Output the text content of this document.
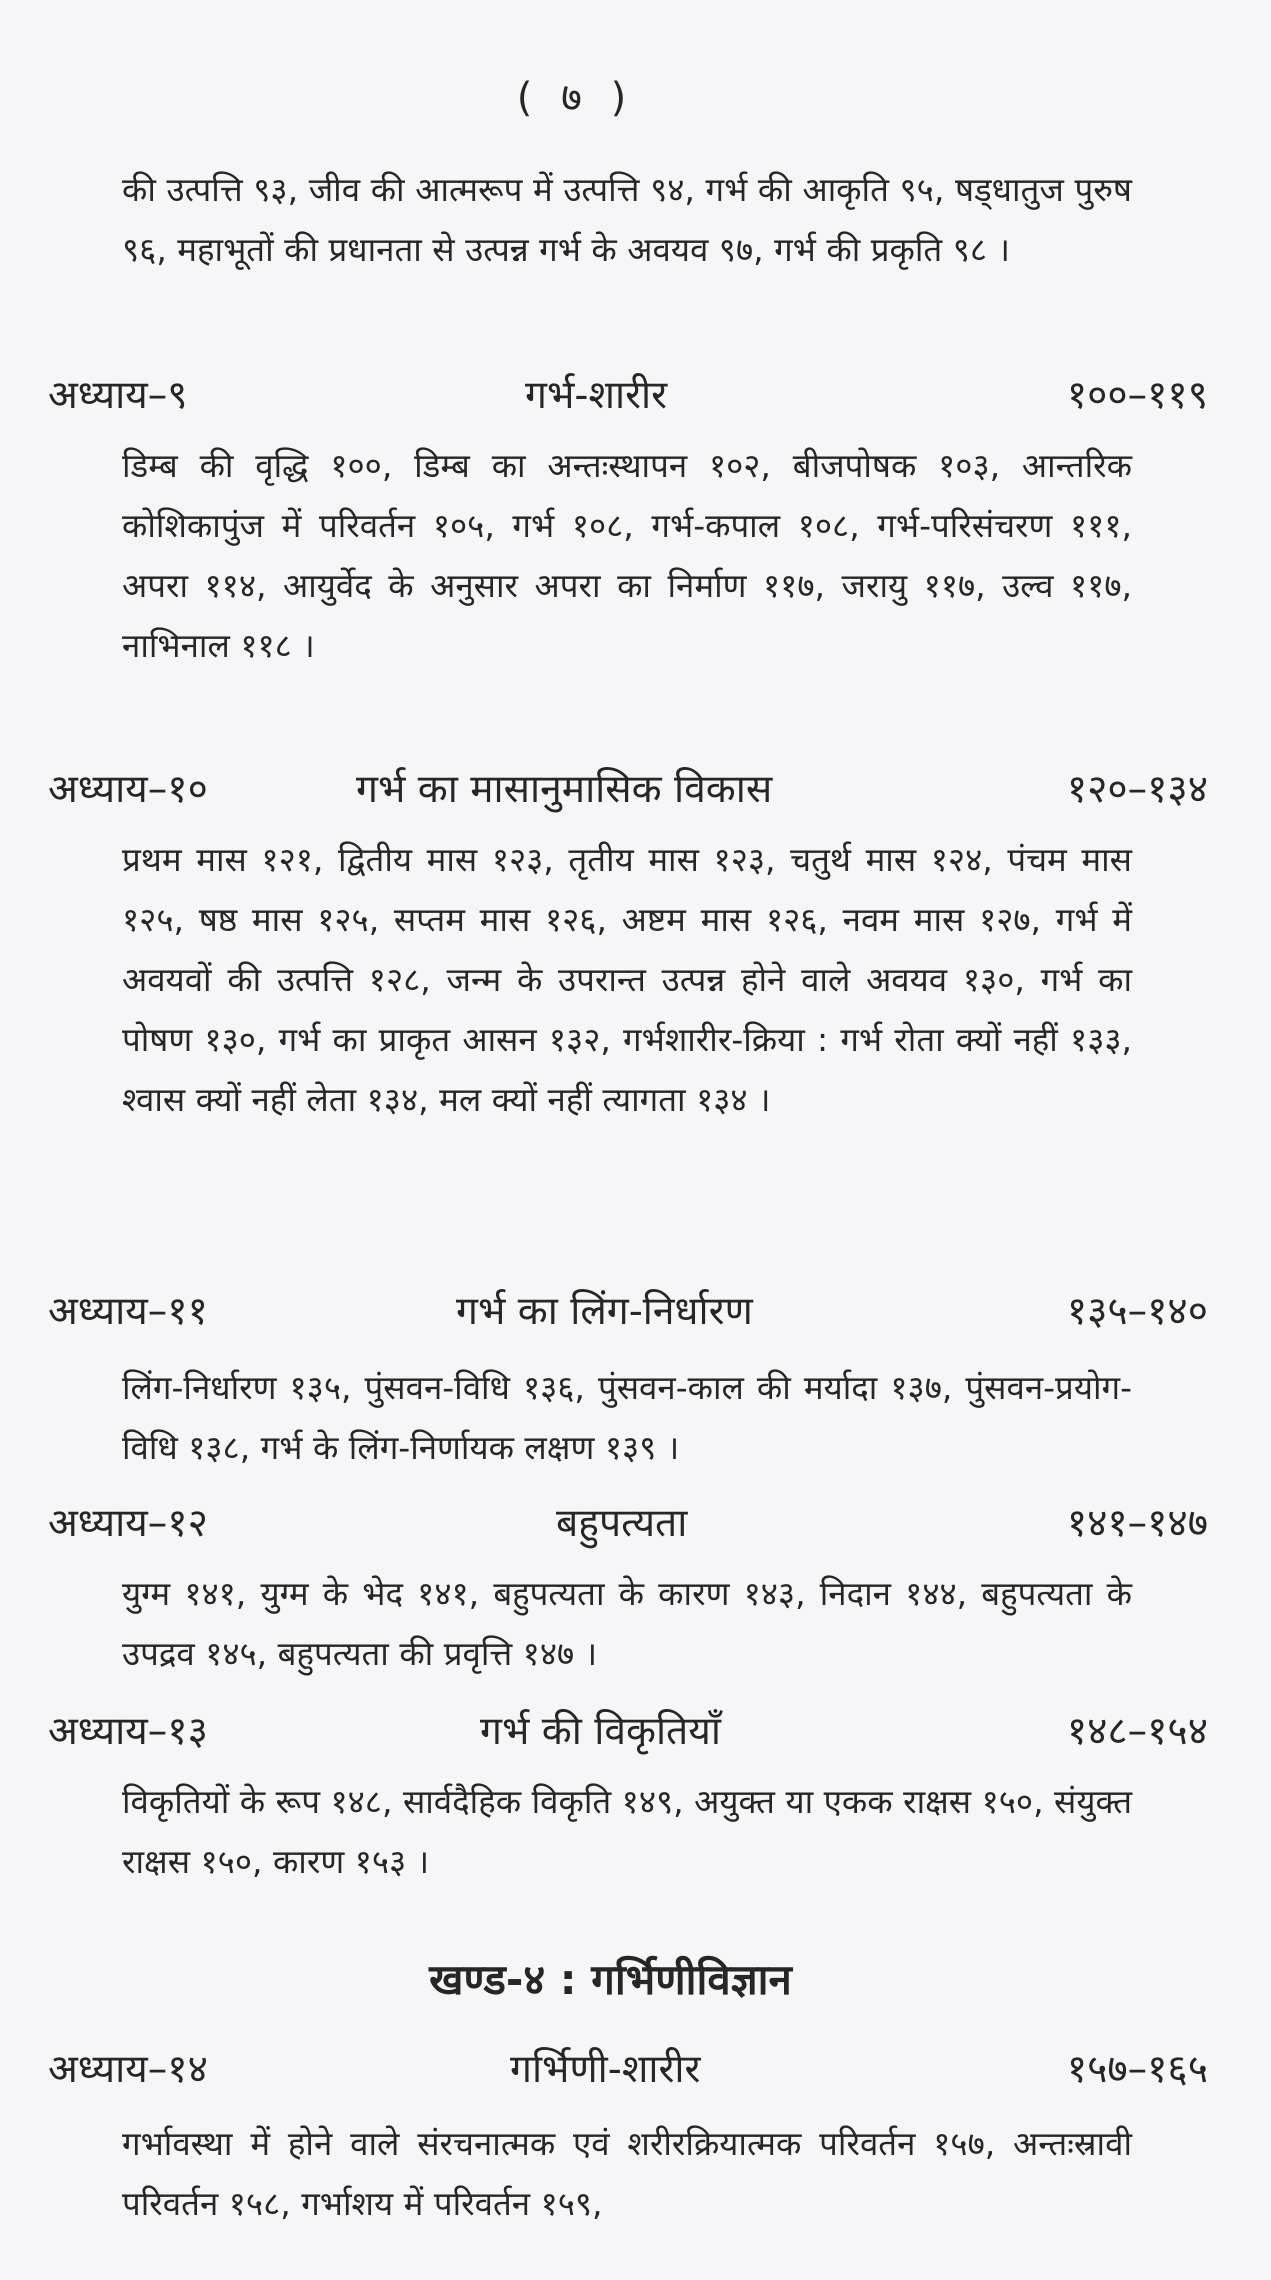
( ७ )
की उत्पत्ति ९३, जीव की आत्मरूप में उत्पत्ति ९४, गर्भ की आकृति ९५, षड्धातुज पुरुष ९६, महाभूतों की प्रधानता से उत्पन्न गर्भ के अवयव ९७, गर्भ की प्रकृति ९८ ।
अध्याय–९	गर्भ-शारीर	१००–११९
डिम्ब की वृद्धि १००, डिम्ब का अन्तःस्थापन १०२, बीजपोषक १०३, आन्तरिक कोशिकापुंज में परिवर्तन १०५, गर्भ १०८, गर्भ-कपाल १०८, गर्भ-परिसंचरण १११, अपरा ११४, आयुर्वेद के अनुसार अपरा का निर्माण ११७, जरायु ११७, उल्व ११७, नाभिनाल ११८ ।
अध्याय–१०	गर्भ का मासानुमासिक विकास	१२०–१३४
प्रथम मास १२१, द्वितीय मास १२३, तृतीय मास १२३, चतुर्थ मास १२४, पंचम मास १२५, षष्ठ मास १२५, सप्तम मास १२६, अष्टम मास १२६, नवम मास १२७, गर्भ में अवयवों की उत्पत्ति १२८, जन्म के उपरान्त उत्पन्न होने वाले अवयव १३०, गर्भ का पोषण १३०, गर्भ का प्राकृत आसन १३२, गर्भशारीर-क्रिया : गर्भ रोता क्यों नहीं १३३, श्वास क्यों नहीं लेता १३४, मल क्यों नहीं त्यागता १३४ ।
अध्याय–११	गर्भ का लिंग-निर्धारण	१३५–१४०
लिंग-निर्धारण १३५, पुंसवन-विधि १३६, पुंसवन-काल की मर्यादा १३७, पुंसवन-प्रयोग-विधि १३८, गर्भ के लिंग-निर्णायक लक्षण १३९ ।
अध्याय–१२	बहुपत्यता	१४१–१४७
युग्म १४१, युग्म के भेद १४१, बहुपत्यता के कारण १४३, निदान १४४, बहुपत्यता के उपद्रव १४५, बहुपत्यता की प्रवृत्ति १४७ ।
अध्याय–१३	गर्भ की विकृतियाँ	१४८–१५४
विकृतियों के रूप १४८, सार्वदैहिक विकृति १४९, अयुक्त या एकक राक्षस १५०, संयुक्त राक्षस १५०, कारण १५३ ।
खण्ड-४ : गर्भिणीविज्ञान
अध्याय–१४	गर्भिणी-शारीर	१५७–१६५
गर्भावस्था में होने वाले संरचनात्मक एवं शरीरक्रियात्मक परिवर्तन १५७, अन्तःस्रावी परिवर्तन १५८, गर्भाशय में परिवर्तन १५९,
